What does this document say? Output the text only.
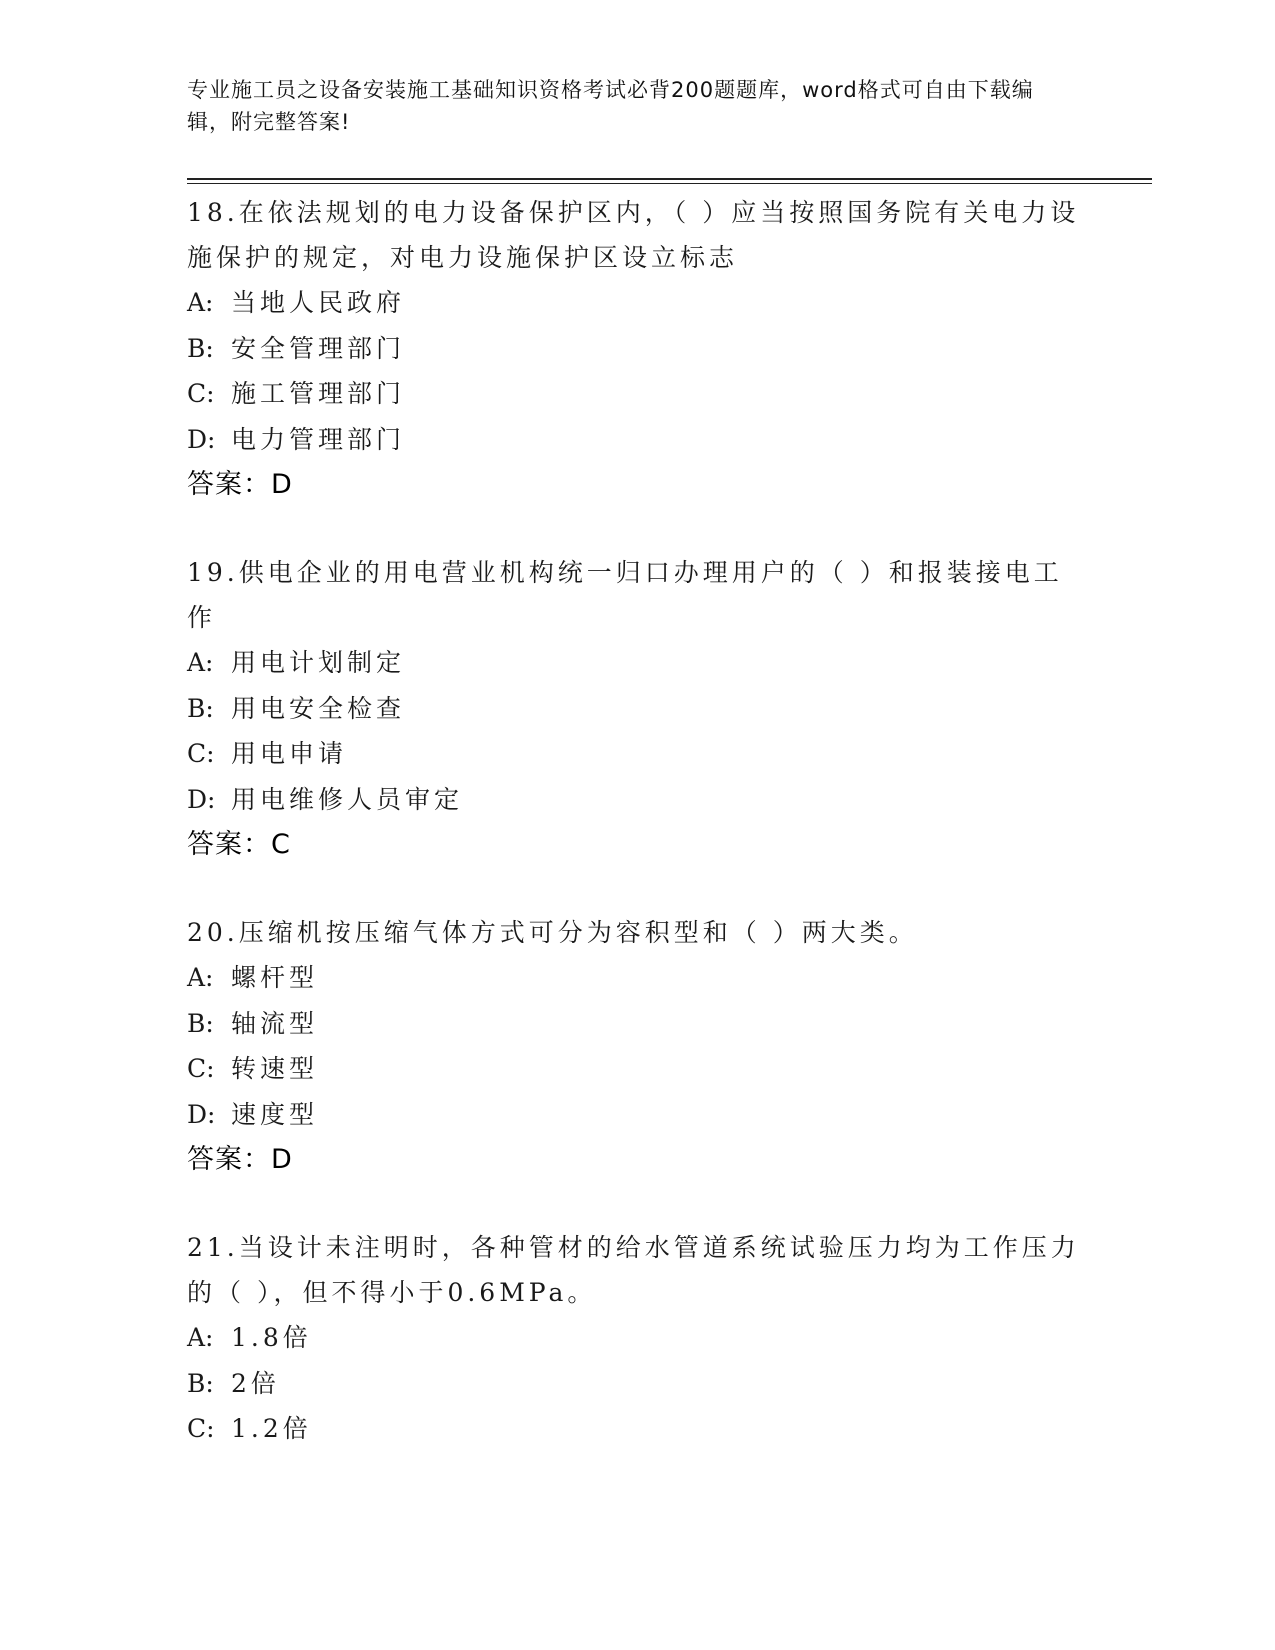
专业施工员之设备安装施工基础知识资格考试必背200题题库，word格式可自由下载编辑，附完整答案!

18.在依法规划的电力设备保护区内，（ ）应当按照国务院有关电力设施保护的规定，对电力设施保护区设立标志

A: 当地人民政府

B: 安全管理部门

C: 施工管理部门

D: 电力管理部门

答案：D

19.供电企业的用电营业机构统一归口办理用户的（ ）和报装接电工作

A: 用电计划制定

B: 用电安全检查

C: 用电申请

D: 用电维修人员审定

答案：C

20.压缩机按压缩气体方式可分为容积型和（ ）两大类。

A: 螺杆型

B: 轴流型

C: 转速型

D: 速度型

答案：D

21.当设计未注明时，各种管材的给水管道系统试验压力均为工作压力的（ ），但不得小于0.6MPa。

A: 1.8倍

B: 2倍

C: 1.2倍
